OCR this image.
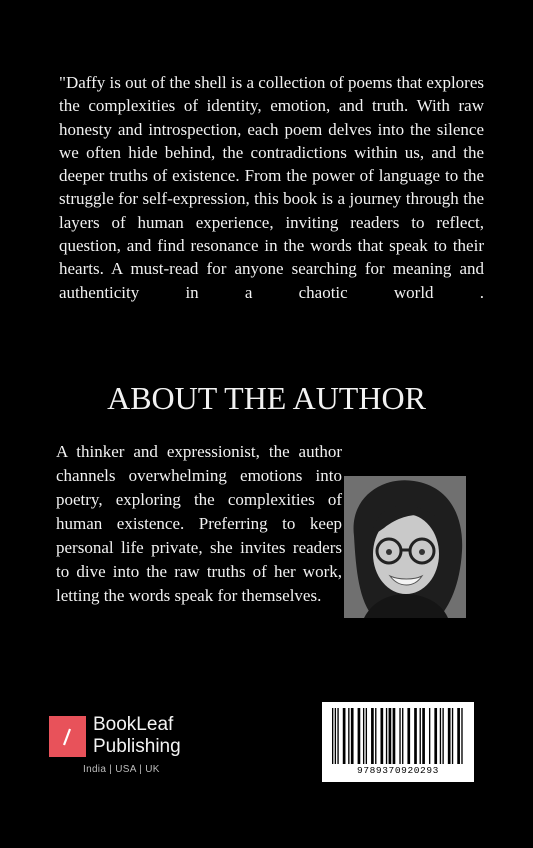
"Daffy is out of the shell is a collection of poems that explores the complexities of identity, emotion, and truth. With raw honesty and introspection, each poem delves into the silence we often hide behind, the contradictions within us, and the deeper truths of existence. From the power of language to the struggle for self-expression, this book is a journey through the layers of human experience, inviting readers to reflect, question, and find resonance in the words that speak to their hearts. A must-read for anyone searching for meaning and authenticity in a chaotic world .

ABOUT THE AUTHOR

A thinker and expressionist, the author channels overwhelming emotions into poetry, exploring the complexities of human existence. Preferring to keep personal life private, she invites readers to dive into the raw truths of her work, letting the words speak for themselves.

BookLeaf
Publishing
India | USA | UK	9789370920293
